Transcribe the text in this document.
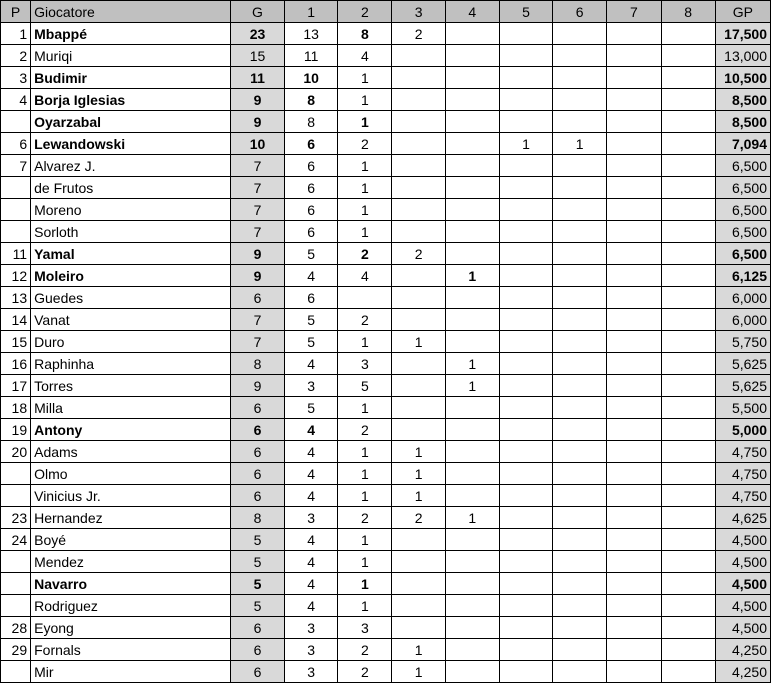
P	Giocatore	G	1	2	3	4	5	6	7	8	GP
1	Mbappé	23	13	8	2						17,500
2	Muriqi	15	11	4							13,000
3	Budimir	11	10	1							10,500
4	Borja Iglesias	9	8	1							8,500
	Oyarzabal	9	8	1							8,500
6	Lewandowski	10	6	2			1	1			7,094
7	Alvarez J.	7	6	1							6,500
	de Frutos	7	6	1							6,500
	Moreno	7	6	1							6,500
	Sorloth	7	6	1							6,500
11	Yamal	9	5	2	2						6,500
12	Moleiro	9	4	4		1					6,125
13	Guedes	6	6								6,000
14	Vanat	7	5	2							6,000
15	Duro	7	5	1	1						5,750
16	Raphinha	8	4	3		1					5,625
17	Torres	9	3	5		1					5,625
18	Milla	6	5	1							5,500
19	Antony	6	4	2							5,000
20	Adams	6	4	1	1						4,750
	Olmo	6	4	1	1						4,750
	Vinicius Jr.	6	4	1	1						4,750
23	Hernandez	8	3	2	2	1					4,625
24	Boyé	5	4	1							4,500
	Mendez	5	4	1							4,500
	Navarro	5	4	1							4,500
	Rodriguez	5	4	1							4,500
28	Eyong	6	3	3							4,500
29	Fornals	6	3	2	1						4,250
	Mir	6	3	2	1						4,250
